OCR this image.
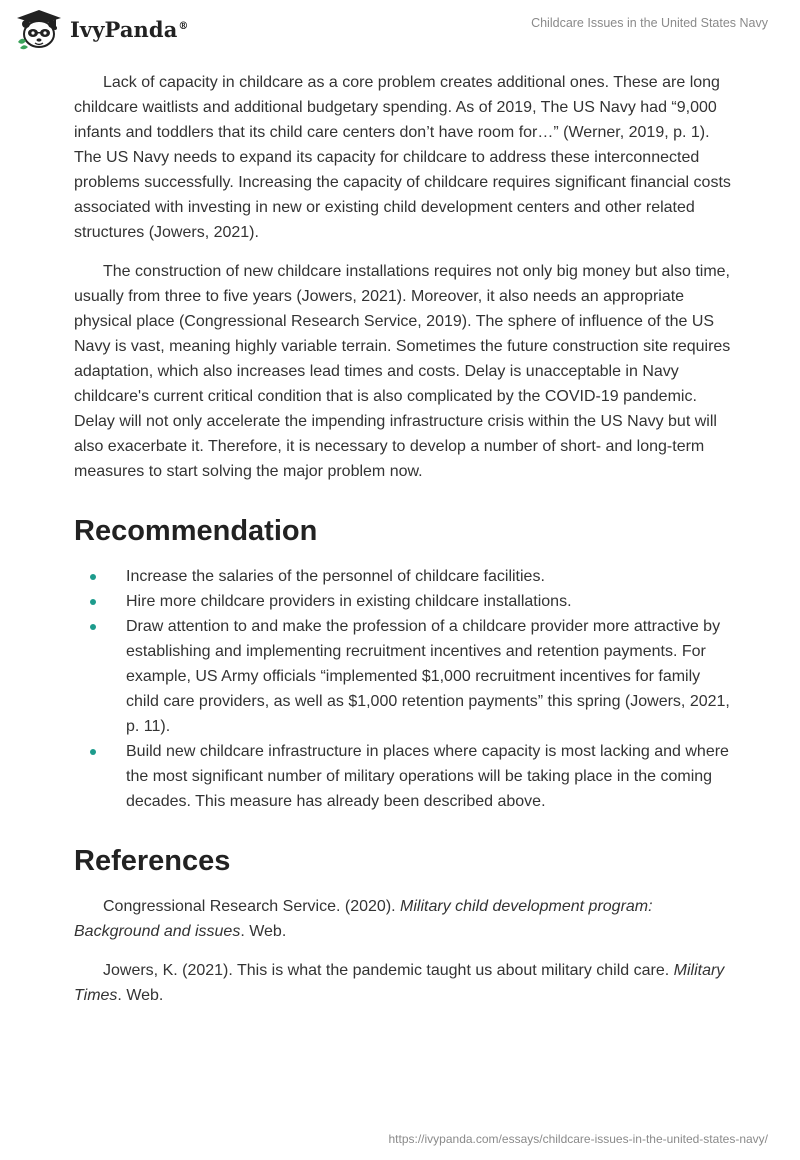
IvyPanda®	Childcare Issues in the United States Navy

Lack of capacity in childcare as a core problem creates additional ones. These are long childcare waitlists and additional budgetary spending. As of 2019, The US Navy had “9,000 infants and toddlers that its child care centers don’t have room for…” (Werner, 2019, p. 1). The US Navy needs to expand its capacity for childcare to address these interconnected problems successfully. Increasing the capacity of childcare requires significant financial costs associated with investing in new or existing child development centers and other related structures (Jowers, 2021).

The construction of new childcare installations requires not only big money but also time, usually from three to five years (Jowers, 2021). Moreover, it also needs an appropriate physical place (Congressional Research Service, 2019). The sphere of influence of the US Navy is vast, meaning highly variable terrain. Sometimes the future construction site requires adaptation, which also increases lead times and costs. Delay is unacceptable in Navy childcare's current critical condition that is also complicated by the COVID-19 pandemic. Delay will not only accelerate the impending infrastructure crisis within the US Navy but will also exacerbate it. Therefore, it is necessary to develop a number of short- and long-term measures to start solving the major problem now.

Recommendation
Increase the salaries of the personnel of childcare facilities.
Hire more childcare providers in existing childcare installations.
Draw attention to and make the profession of a childcare provider more attractive by establishing and implementing recruitment incentives and retention payments. For example, US Army officials “implemented $1,000 recruitment incentives for family child care providers, as well as $1,000 retention payments” this spring (Jowers, 2021, p. 11).
Build new childcare infrastructure in places where capacity is most lacking and where the most significant number of military operations will be taking place in the coming decades. This measure has already been described above.
References

Congressional Research Service. (2020). Military child development program: Background and issues. Web.

Jowers, K. (2021). This is what the pandemic taught us about military child care. Military Times. Web.

https://ivypanda.com/essays/childcare-issues-in-the-united-states-navy/
